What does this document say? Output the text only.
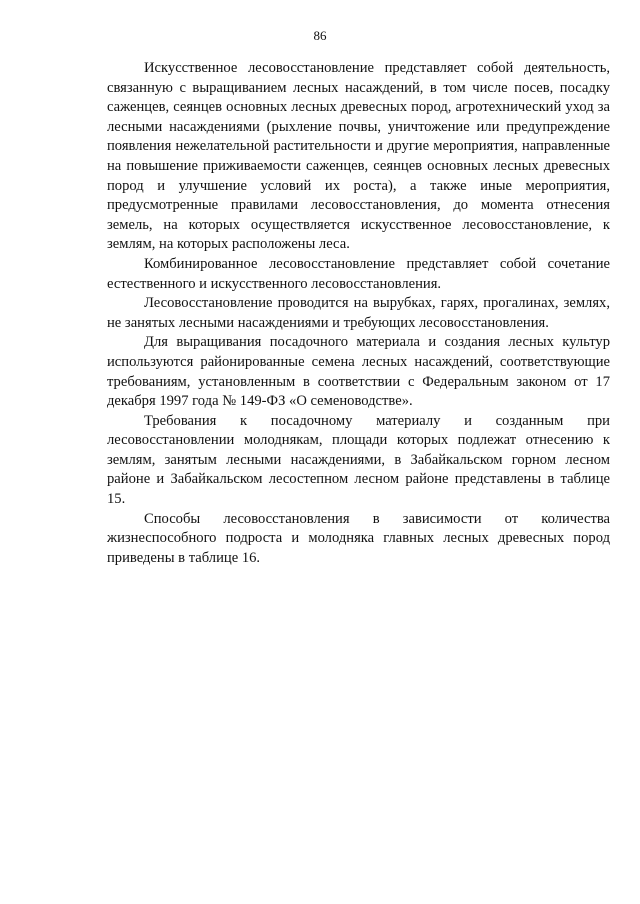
86

Искусственное лесовосстановление представляет собой деятельность, связанную с выращиванием лесных насаждений, в том числе посев, посадку саженцев, сеянцев основных лесных древесных пород, агротехнический уход за лесными насаждениями (рыхление почвы, уничтожение или предупреждение появления нежелательной растительности и другие мероприятия, направленные на повышение приживаемости саженцев, сеянцев основных лесных древесных пород и улучшение условий их роста), а также иные мероприятия, предусмотренные правилами лесовосстановления, до момента отнесения земель, на которых осуществляется искусственное лесовосстановление, к землям, на которых расположены леса.

Комбинированное лесовосстановление представляет собой сочетание естественного и искусственного лесовосстановления.

Лесовосстановление проводится на вырубках, гарях, прогалинах, землях, не занятых лесными насаждениями и требующих лесовосстановления.

Для выращивания посадочного материала и создания лесных культур используются районированные семена лесных насаждений, соответствующие требованиям, установленным в соответствии с Федеральным законом от 17 декабря 1997 года № 149-ФЗ «О семеноводстве».

Требования к посадочному материалу и созданным при лесовосстановлении молоднякам, площади которых подлежат отнесению к землям, занятым лесными насаждениями, в Забайкальском горном лесном районе и Забайкальском лесостепном лесном районе представлены в таблице 15.

Способы лесовосстановления в зависимости от количества жизнеспособного подроста и молодняка главных лесных древесных пород приведены в таблице 16.
